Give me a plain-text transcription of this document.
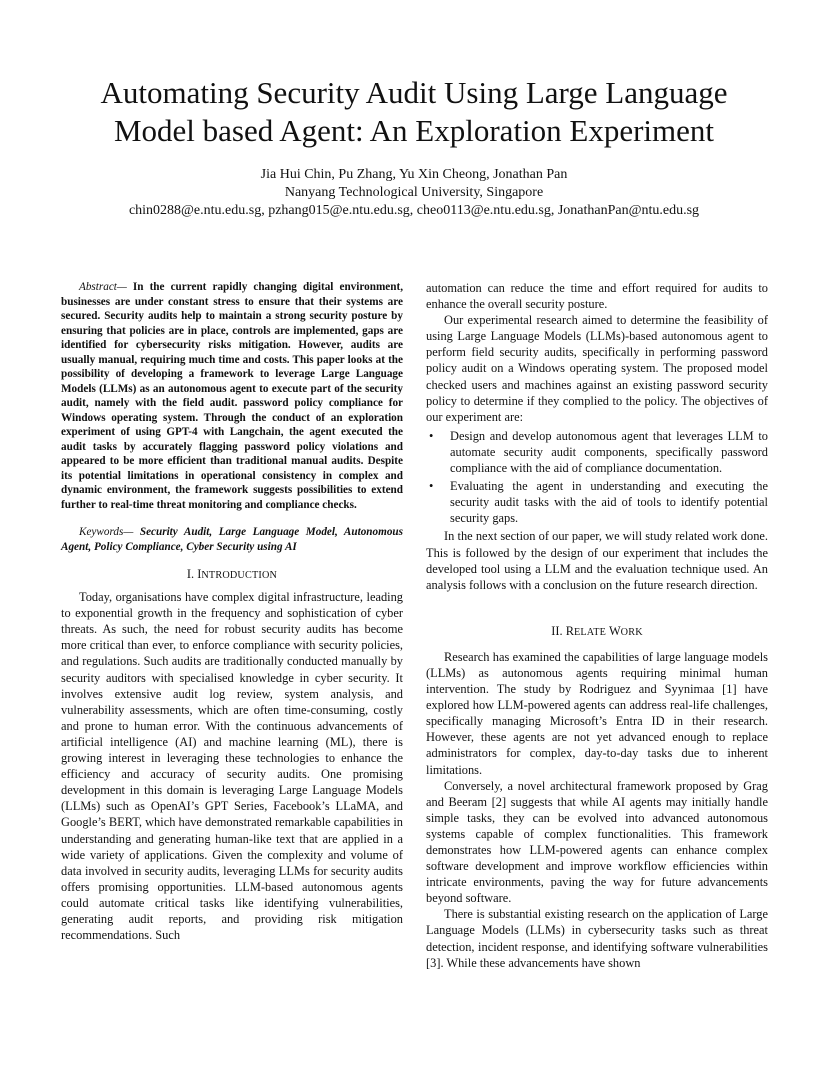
Automating Security Audit Using Large Language
Model based Agent: An Exploration Experiment
Jia Hui Chin, Pu Zhang, Yu Xin Cheong, Jonathan Pan
Nanyang Technological University, Singapore
chin0288@e.ntu.edu.sg, pzhang015@e.ntu.edu.sg, cheo0113@e.ntu.edu.sg, JonathanPan@ntu.edu.sg

Abstract— In the current rapidly changing digital environment, businesses are under constant stress to ensure that their systems are secured. Security audits help to maintain a strong security posture by ensuring that policies are in place, controls are implemented, gaps are identified for cybersecurity risks mitigation. However, audits are usually manual, requiring much time and costs. This paper looks at the possibility of developing a framework to leverage Large Language Models (LLMs) as an autonomous agent to execute part of the security audit, namely with the field audit. password policy compliance for Windows operating system. Through the conduct of an exploration experiment of using GPT-4 with Langchain, the agent executed the audit tasks by accurately flagging password policy violations and appeared to be more efficient than traditional manual audits. Despite its potential limitations in operational consistency in complex and dynamic environment, the framework suggests possibilities to extend further to real-time threat monitoring and compliance checks.

Keywords— Security Audit, Large Language Model, Autonomous Agent, Policy Compliance, Cyber Security using AI

I. INTRODUCTION

Today, organisations have complex digital infrastructure, leading to exponential growth in the frequency and sophistication of cyber threats. As such, the need for robust security audits has become more critical than ever, to enforce compliance with security policies, and regulations. Such audits are traditionally conducted manually by security auditors with specialised knowledge in cyber security. It involves extensive audit log review, system analysis, and vulnerability assessments, which are often time-consuming, costly and prone to human error. With the continuous advancements of artificial intelligence (AI) and machine learning (ML), there is growing interest in leveraging these technologies to enhance the efficiency and accuracy of security audits. One promising development in this domain is leveraging Large Language Models (LLMs) such as OpenAI’s GPT Series, Facebook’s LLaMA, and Google’s BERT, which have demonstrated remarkable capabilities in understanding and generating human-like text that are applied in a wide variety of applications. Given the complexity and volume of data involved in security audits, leveraging LLMs for security audits offers promising opportunities. LLM-based autonomous agents could automate critical tasks like identifying vulnerabilities, generating audit reports, and providing risk mitigation recommendations. Such

automation can reduce the time and effort required for audits to enhance the overall security posture.

Our experimental research aimed to determine the feasibility of using Large Language Models (LLMs)-based autonomous agent to perform field security audits, specifically in performing password policy audit on a Windows operating system. The proposed model checked users and machines against an existing password security policy to determine if they complied to the policy. The objectives of our experiment are:

• Design and develop autonomous agent that leverages LLM to automate security audit components, specifically password compliance with the aid of compliance documentation.
• Evaluating the agent in understanding and executing the security audit tasks with the aid of tools to identify potential security gaps.

In the next section of our paper, we will study related work done. This is followed by the design of our experiment that includes the developed tool using a LLM and the evaluation technique used. An analysis follows with a conclusion on the future research direction.

II. RELATE WORK

Research has examined the capabilities of large language models (LLMs) as autonomous agents requiring minimal human intervention. The study by Rodriguez and Syynimaa [1] have explored how LLM-powered agents can address real-life challenges, specifically managing Microsoft’s Entra ID in their research. However, these agents are not yet advanced enough to replace administrators for complex, day-to-day tasks due to inherent limitations.

Conversely, a novel architectural framework proposed by Grag and Beeram [2] suggests that while AI agents may initially handle simple tasks, they can be evolved into advanced autonomous systems capable of complex functionalities. This framework demonstrates how LLM-powered agents can enhance complex software development and improve workflow efficiencies within intricate environments, paving the way for future advancements beyond software.

There is substantial existing research on the application of Large Language Models (LLMs) in cybersecurity tasks such as threat detection, incident response, and identifying software vulnerabilities [3]. While these advancements have shown
